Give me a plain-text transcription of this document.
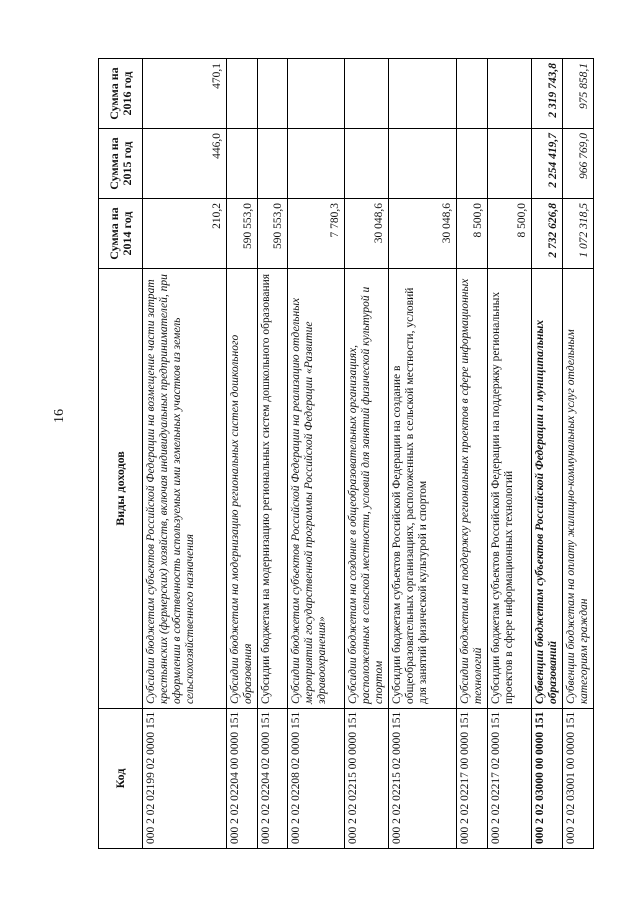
16
Код	Виды доходов	Сумма на 2014 год	Сумма на 2015 год	Сумма на 2016 год
000 2 02 02199 02 0000 151	Субсидии бюджетам субъектов Российской Федерации на возмещение части затрат крестьянских (фермерских) хозяйств, включая индивидуальных предпринимателей, при оформлении в собственность используемых ими земельных участков из земель сельскохозяйственного назначения	210,2	446,0	470,1
000 2 02 02204 00 0000 151	Субсидии бюджетам на модернизацию региональных систем дошкольного образования	590 553,0		
000 2 02 02204 02 0000 151	Субсидии бюджетам на модернизацию региональных систем дошкольного образования	590 553,0		
000 2 02 02208 02 0000 151	Субсидии бюджетам субъектов Российской Федерации на реализацию отдельных мероприятий государственной программы Российской Федерации «Развитие здравоохранения»	7 780,3		
000 2 02 02215 00 0000 151	Субсидии бюджетам на создание в общеобразовательных организациях, расположенных в сельской местности, условий для занятий физической культурой и спортом	30 048,6		
000 2 02 02215 02 0000 151	Субсидии бюджетам субъектов Российской Федерации на создание в общеобразовательных организациях, расположенных в сельской местности, условий для занятий физической культурой и спортом	30 048,6		
000 2 02 02217 00 0000 151	Субсидии бюджетам на поддержку региональных проектов в сфере информационных технологий	8 500,0		
000 2 02 02217 02 0000 151	Субсидии бюджетам субъектов Российской Федерации на поддержку региональных проектов в сфере информационных технологий	8 500,0		
000 2 02 03000 00 0000 151	Субвенции бюджетам субъектов Российской Федерации и муниципальных образований	2 732 626,8	2 254 419,7	2 319 743,8
000 2 02 03001 00 0000 151	Субвенции бюджетам на оплату жилищно-коммунальных услуг отдельным категориям граждан	1 072 318,5	966 769,0	975 858,1
